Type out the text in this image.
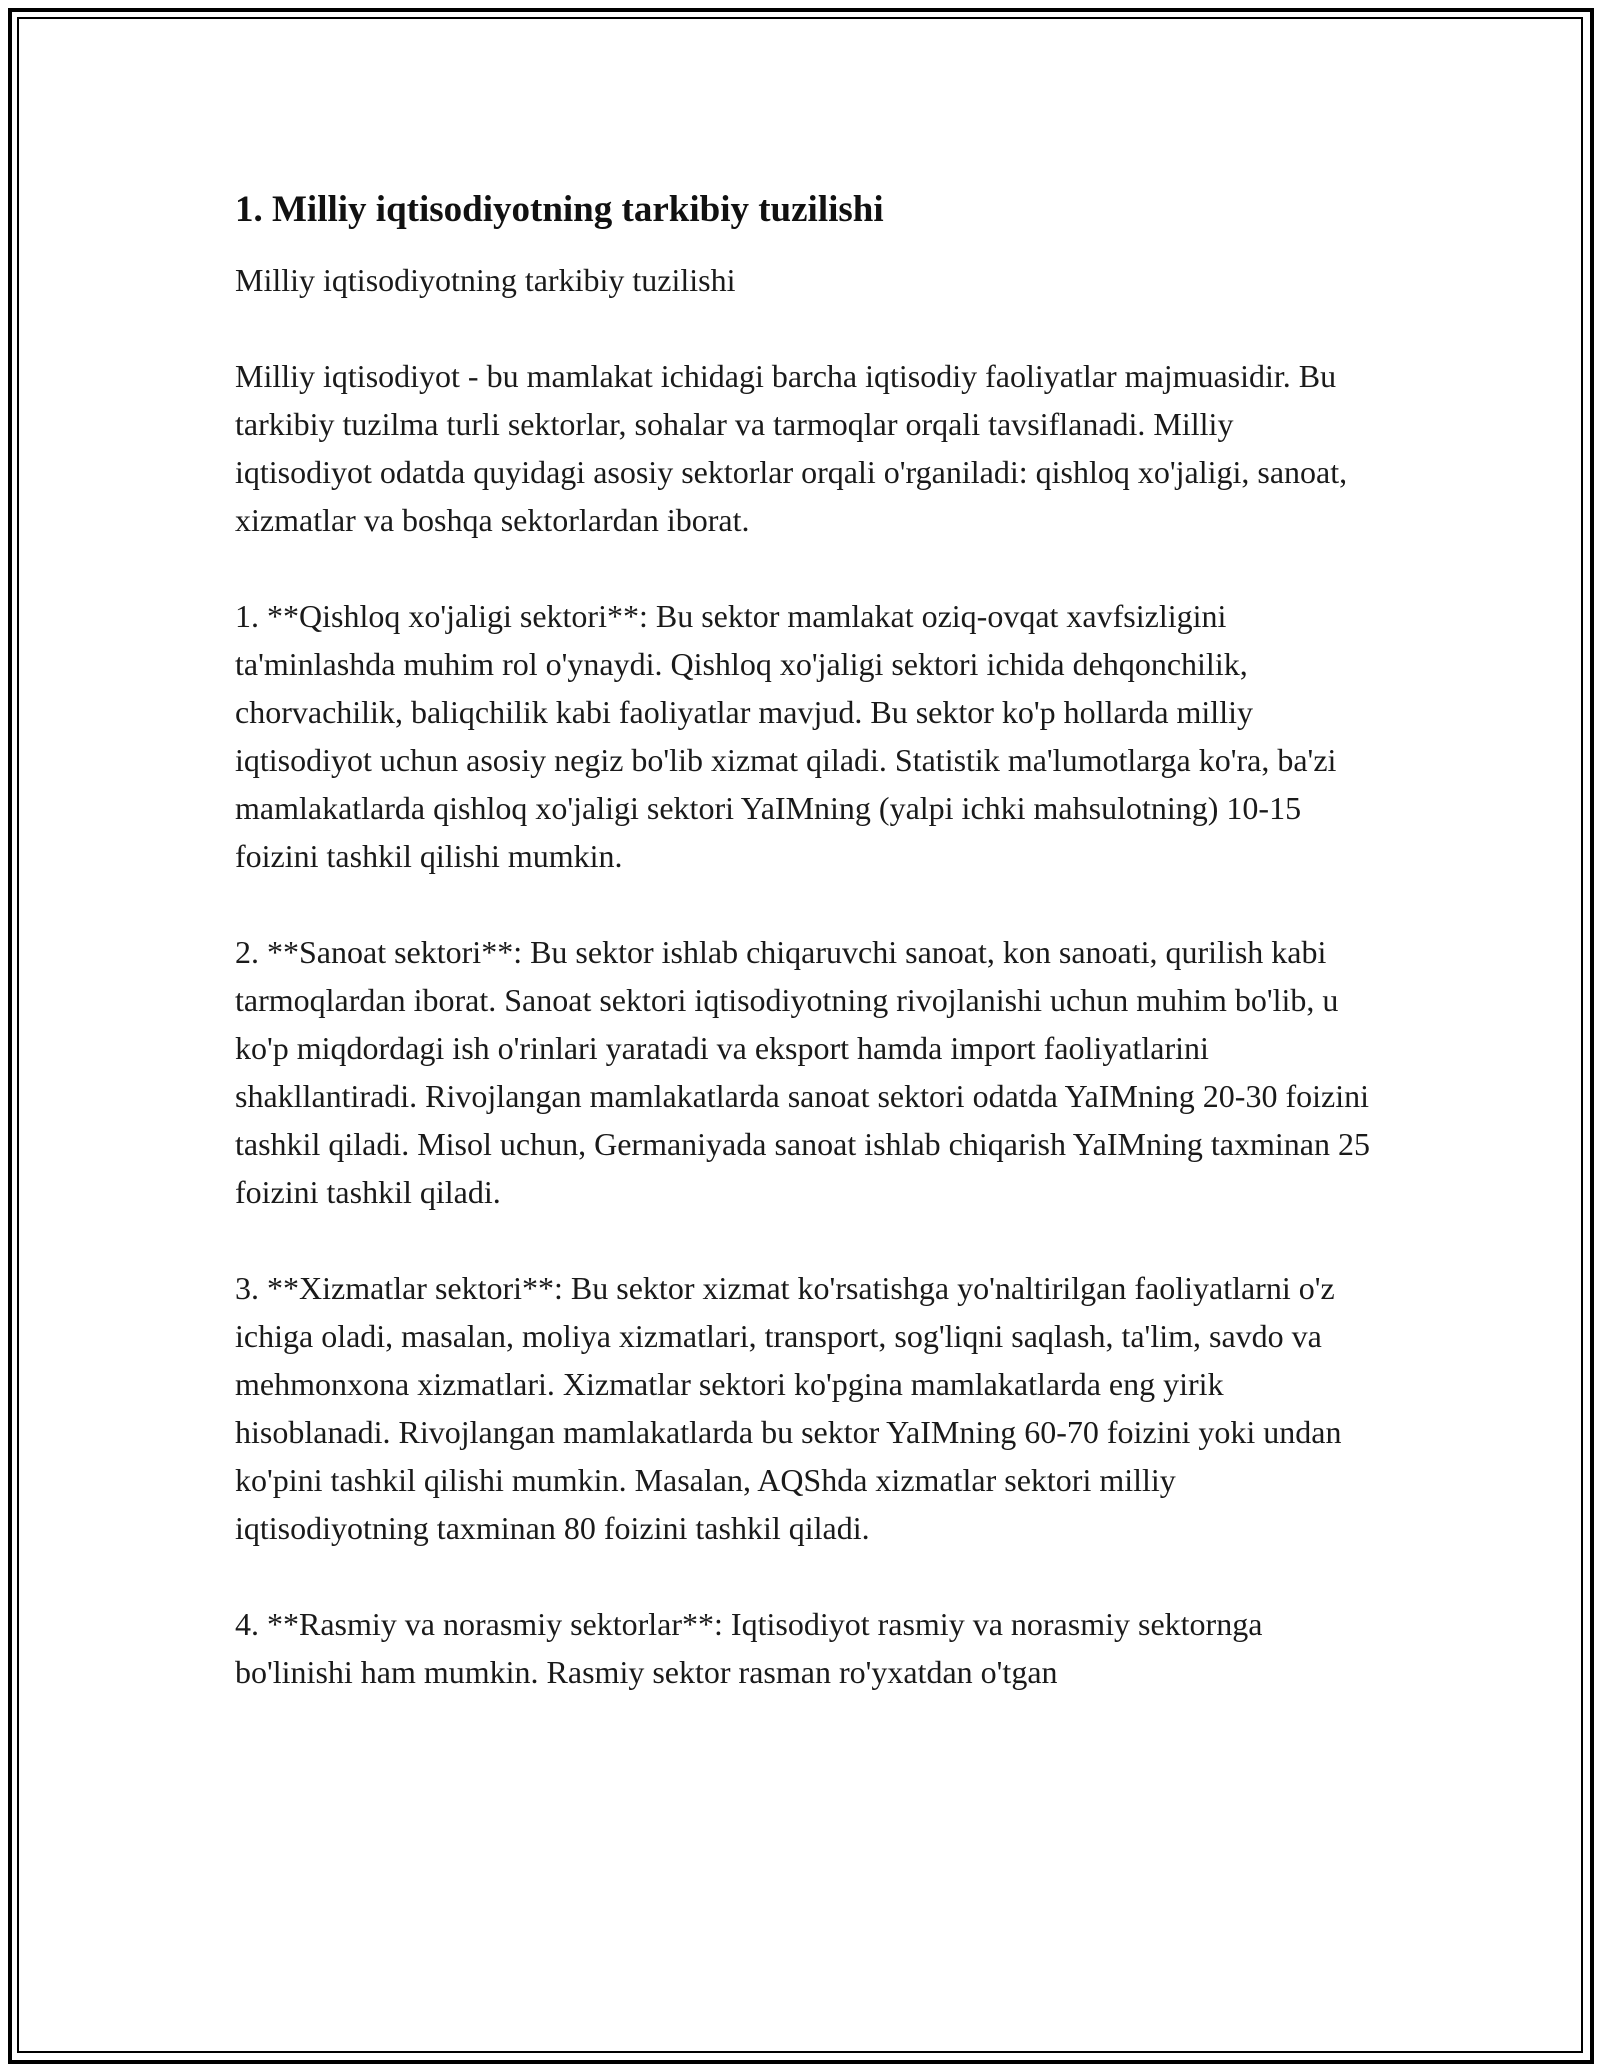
1. Milliy iqtisodiyotning tarkibiy tuzilishi

Milliy iqtisodiyotning tarkibiy tuzilishi

Milliy iqtisodiyot - bu mamlakat ichidagi barcha iqtisodiy faoliyatlar majmuasidir. Bu tarkibiy tuzilma turli sektorlar, sohalar va tarmoqlar orqali tavsiflanadi. Milliy iqtisodiyot odatda quyidagi asosiy sektorlar orqali o'rganiladi: qishloq xo'jaligi, sanoat, xizmatlar va boshqa sektorlardan iborat.

1. **Qishloq xo'jaligi sektori**: Bu sektor mamlakat oziq-ovqat xavfsizligini ta'minlashda muhim rol o'ynaydi. Qishloq xo'jaligi sektori ichida dehqonchilik, chorvachilik, baliqchilik kabi faoliyatlar mavjud. Bu sektor ko'p hollarda milliy iqtisodiyot uchun asosiy negiz bo'lib xizmat qiladi. Statistik ma'lumotlarga ko'ra, ba'zi mamlakatlarda qishloq xo'jaligi sektori YaIMning (yalpi ichki mahsulotning) 10-15 foizini tashkil qilishi mumkin.

2. **Sanoat sektori**: Bu sektor ishlab chiqaruvchi sanoat, kon sanoati, qurilish kabi tarmoqlardan iborat. Sanoat sektori iqtisodiyotning rivojlanishi uchun muhim bo'lib, u ko'p miqdordagi ish o'rinlari yaratadi va eksport hamda import faoliyatlarini shakllantiradi. Rivojlangan mamlakatlarda sanoat sektori odatda YaIMning 20-30 foizini tashkil qiladi. Misol uchun, Germaniyada sanoat ishlab chiqarish YaIMning taxminan 25 foizini tashkil qiladi.

3. **Xizmatlar sektori**: Bu sektor xizmat ko'rsatishga yo'naltirilgan faoliyatlarni o'z ichiga oladi, masalan, moliya xizmatlari, transport, sog'liqni saqlash, ta'lim, savdo va mehmonxona xizmatlari. Xizmatlar sektori ko'pgina mamlakatlarda eng yirik hisoblanadi. Rivojlangan mamlakatlarda bu sektor YaIMning 60-70 foizini yoki undan ko'pini tashkil qilishi mumkin. Masalan, AQShda xizmatlar sektori milliy iqtisodiyotning taxminan 80 foizini tashkil qiladi.

4. **Rasmiy va norasmiy sektorlar**: Iqtisodiyot rasmiy va norasmiy sektornga bo'linishi ham mumkin. Rasmiy sektor rasman ro'yxatdan o'tgan
